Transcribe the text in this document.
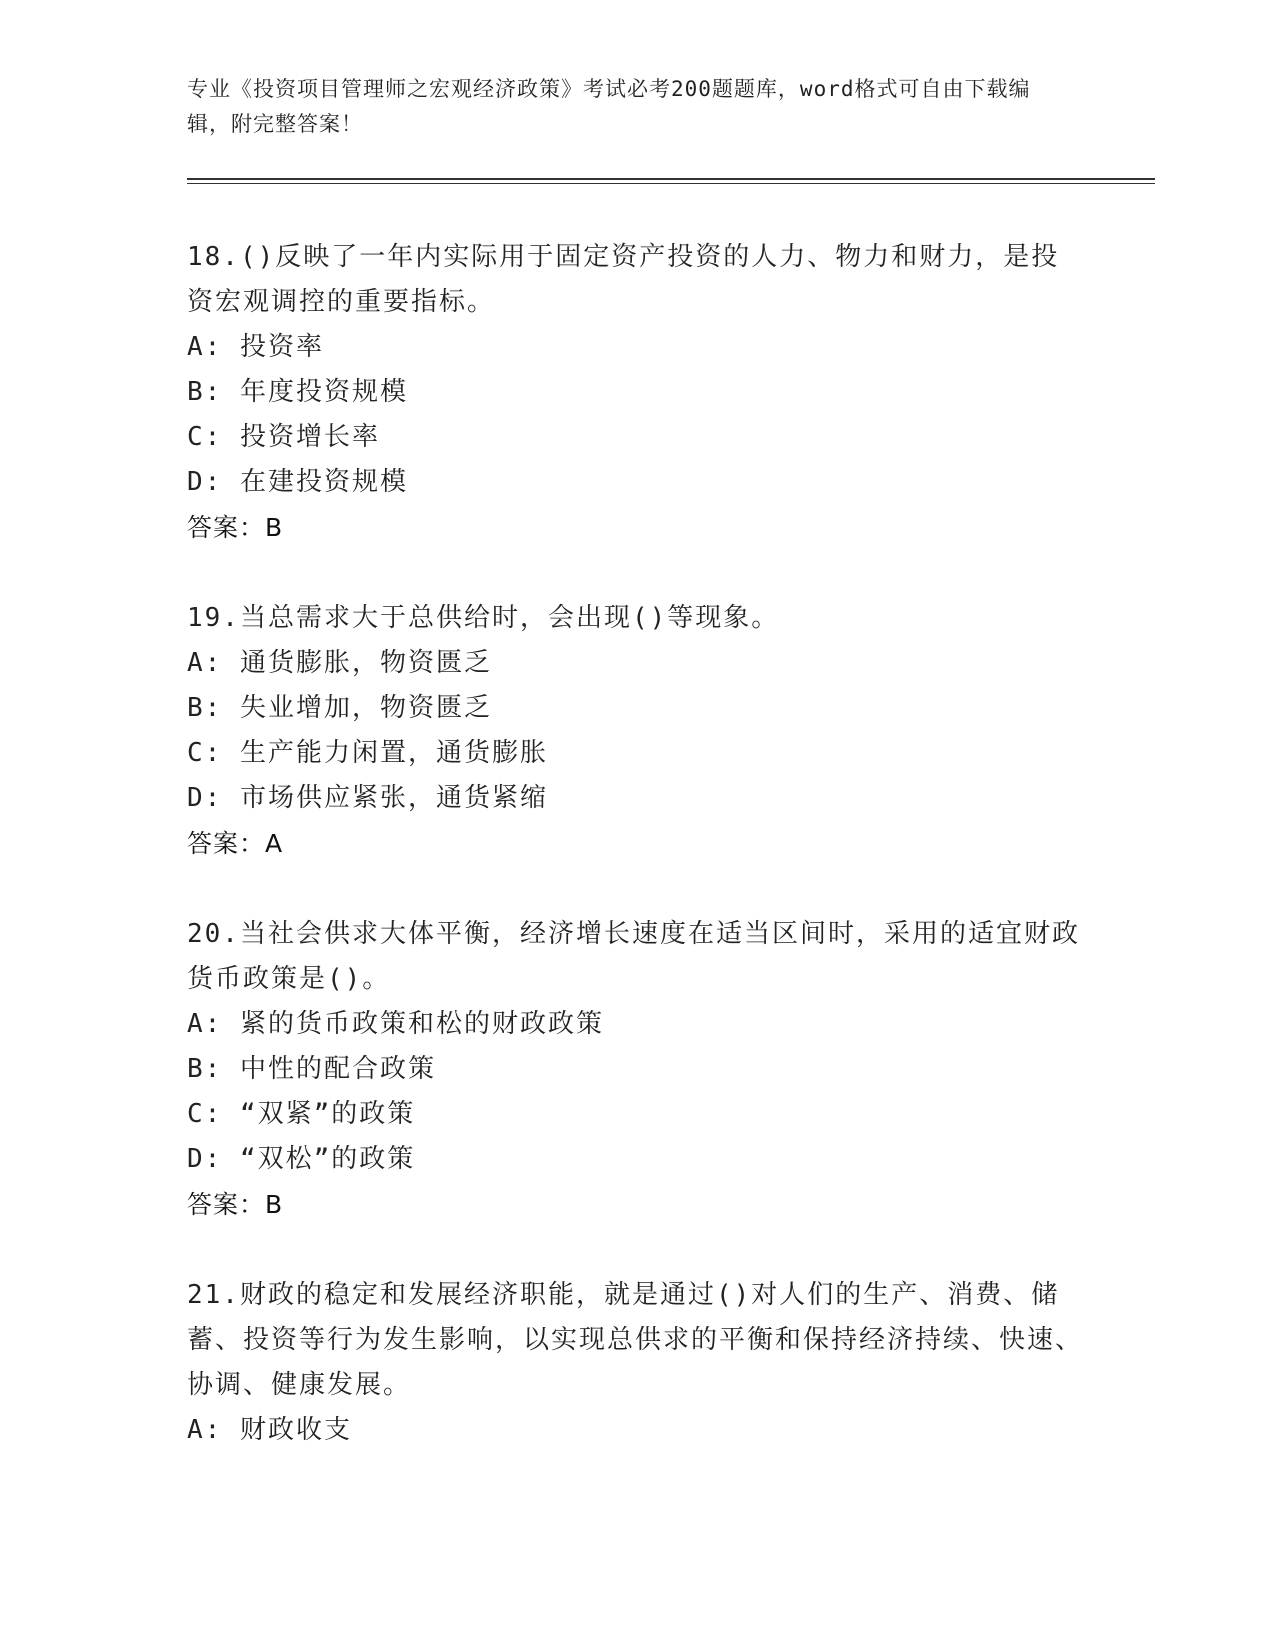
专业《投资项目管理师之宏观经济政策》考试必考200题题库，word格式可自由下载编辑，附完整答案！

18.()反映了一年内实际用于固定资产投资的人力、物力和财力，是投资宏观调控的重要指标。

A: 投资率

B: 年度投资规模

C: 投资增长率

D: 在建投资规模

答案：B

19.当总需求大于总供给时，会出现()等现象。

A: 通货膨胀，物资匮乏

B: 失业增加，物资匮乏

C: 生产能力闲置，通货膨胀

D: 市场供应紧张，通货紧缩

答案：A

20.当社会供求大体平衡，经济增长速度在适当区间时，采用的适宜财政货币政策是()。

A: 紧的货币政策和松的财政政策

B: 中性的配合政策

C: “双紧”的政策

D: “双松”的政策

答案：B

21.财政的稳定和发展经济职能，就是通过()对人们的生产、消费、储蓄、投资等行为发生影响，以实现总供求的平衡和保持经济持续、快速、协调、健康发展。

A: 财政收支
